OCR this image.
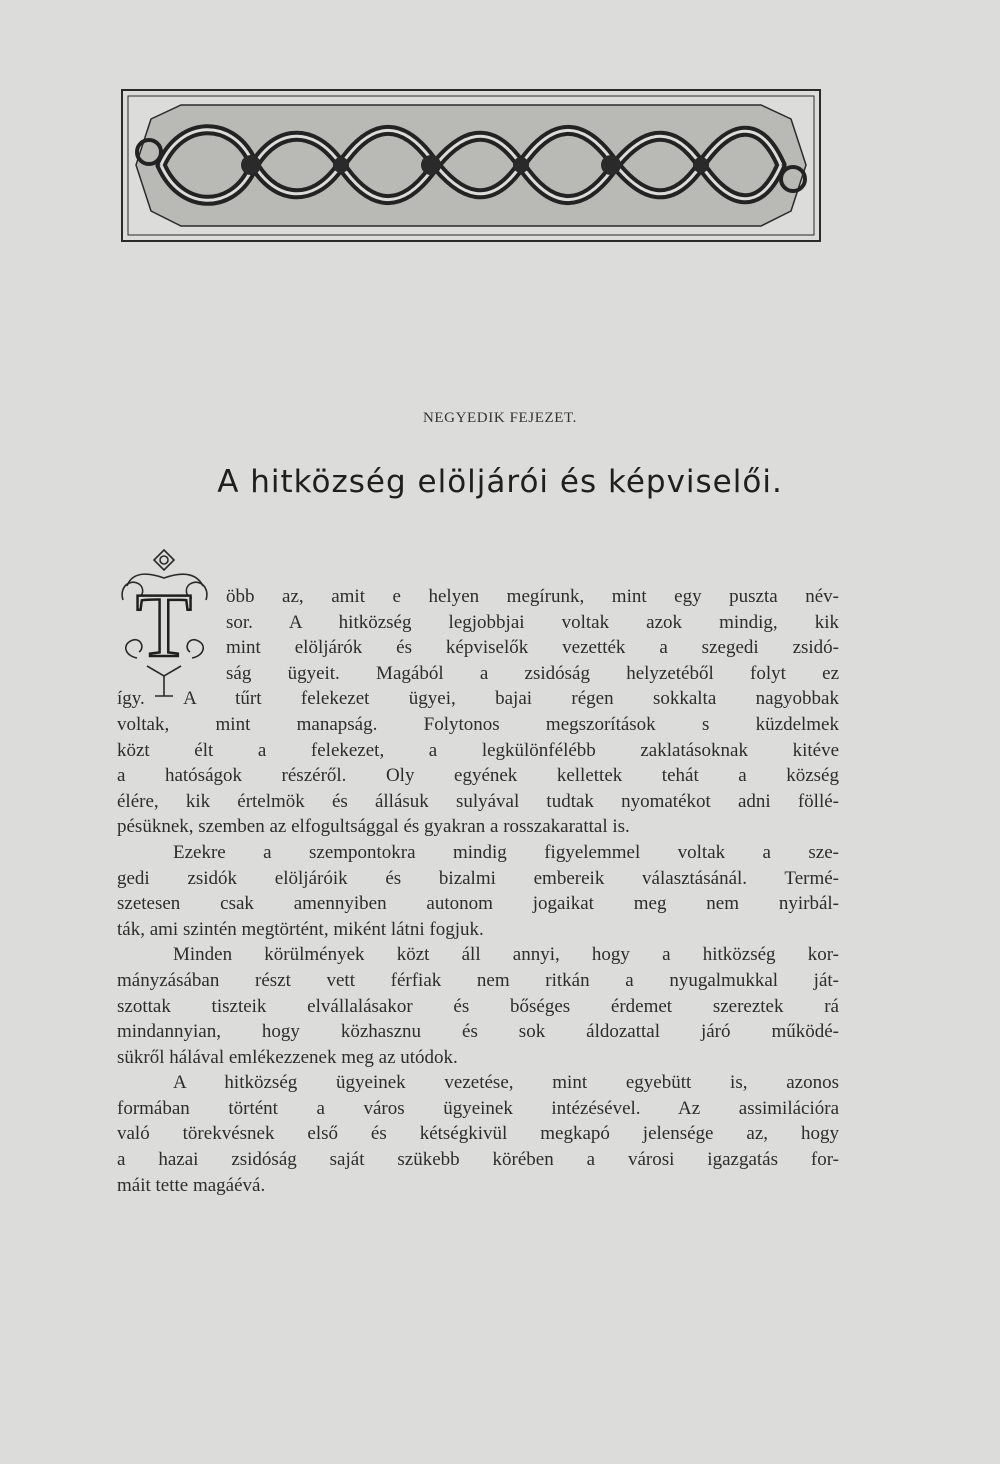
NEGYEDIK FEJEZET.
A hitközség elöljárói és képviselői.
T	öbb az, amit e helyen megírunk, mint egy puszta név-
sor. A hitközség legjobbjai voltak azok mindig, kik
mint elöljárók és képviselők vezették a szegedi zsidó-
ság ügyeit. Magából a zsidóság helyzetéből folyt ez
így. A tűrt felekezet ügyei, bajai régen sokkalta nagyobbak
voltak, mint manapság. Folytonos megszorítások s küzdelmek
közt élt a felekezet, a legkülönfélébb zaklatásoknak kitéve
a hatóságok részéről. Oly egyének kellettek tehát a község
élére, kik értelmök és állásuk sulyával tudtak nyomatékot adni föllé-
pésüknek, szemben az elfogultsággal és gyakran a rosszakarattal is.
Ezekre a szempontokra mindig figyelemmel voltak a sze-
gedi zsidók elöljáróik és bizalmi embereik választásánál. Termé-
szetesen csak amennyiben autonom jogaikat meg nem nyirbál-
ták, ami szintén megtörtént, miként látni fogjuk.
Minden körülmények közt áll annyi, hogy a hitközség kor-
mányzásában részt vett férfiak nem ritkán a nyugalmukkal ját-
szottak tiszteik elvállalásakor és bőséges érdemet szereztek rá
mindannyian, hogy közhasznu és sok áldozattal járó működé-
sükről hálával emlékezzenek meg az utódok.
A hitközség ügyeinek vezetése, mint egyebütt is, azonos
formában történt a város ügyeinek intézésével. Az assimilációra
való törekvésnek első és kétségkivül megkapó jelensége az, hogy
a hazai zsidóság saját szükebb körében a városi igazgatás for-
máit tette magáévá.
